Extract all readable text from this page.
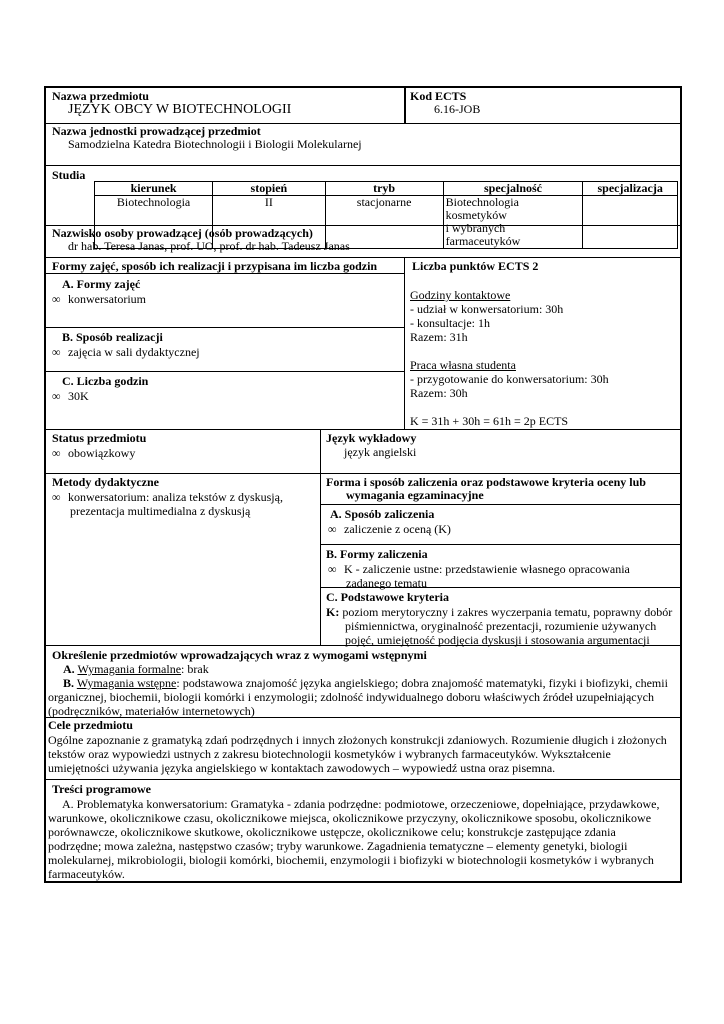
Nazwa przedmiotu
JĘZYK OBCY W BIOTECHNOLOGII
Kod ECTS
6.16-JOB
Nazwa jednostki prowadzącej przedmiot
Samodzielna Katedra Biotechnologii i Biologii Molekularnej
Studia
kierunek	stopień	tryb	specjalność	specjalizacja
Biotechnologia	II	stacjonarne	Biotechnologia kosmetyków
i wybranych farmaceutyków	

Nazwisko osoby prowadzącej (osób prowadzących)
dr hab. Teresa Janas, prof. UO, prof. dr hab. Tadeusz Janas
Formy zajęć, sposób ich realizacji i przypisana im liczba godzin
A. Formy zajęć
∞ konwersatorium
B. Sposób realizacji
∞ zajęcia w sali dydaktycznej
C. Liczba godzin
∞ 30K
Liczba punktów ECTS 2
Godziny kontaktowe
- udział w konwersatorium: 30h
- konsultacje: 1h
Razem: 31h
Praca własna studenta
- przygotowanie do konwersatorium: 30h
Razem: 30h
K = 31h + 30h = 61h = 2p ECTS
Status przedmiotu
∞ obowiązkowy
Język wykładowy
język angielski
Metody dydaktyczne
∞ konwersatorium: analiza tekstów z dyskusją,
prezentacja multimedialna z dyskusją
Forma i sposób zaliczenia oraz podstawowe kryteria oceny lub
wymagania egzaminacyjne
A. Sposób zaliczenia
∞ zaliczenie z oceną (K)
B. Formy zaliczenia
∞ K - zaliczenie ustne: przedstawienie własnego opracowania
zadanego tematu
C. Podstawowe kryteria
K: poziom merytoryczny i zakres wyczerpania tematu, poprawny dobór
piśmiennictwa, oryginalność prezentacji, rozumienie używanych
pojęć, umiejętność podjęcia dyskusji i stosowania argumentacji
Określenie przedmiotów wprowadzających wraz z wymogami wstępnymi
A. Wymagania formalne: brak
B. Wymagania wstępne: podstawowa znajomość języka angielskiego; dobra znajomość matematyki, fizyki i biofizyki, chemii
organicznej, biochemii, biologii komórki i enzymologii; zdolność indywidualnego doboru właściwych źródeł uzupełniających
(podręczników, materiałów internetowych)
Cele przedmiotu
Ogólne zapoznanie z gramatyką zdań podrzędnych i innych złożonych konstrukcji zdaniowych. Rozumienie długich i złożonych
tekstów oraz wypowiedzi ustnych z zakresu biotechnologii kosmetyków i wybranych farmaceutyków. Wykształcenie
umiejętności używania języka angielskiego w kontaktach zawodowych – wypowiedź ustna oraz pisemna.
Treści programowe
A. Problematyka konwersatorium: Gramatyka - zdania podrzędne: podmiotowe, orzeczeniowe, dopełniające, przydawkowe,
warunkowe, okolicznikowe czasu, okolicznikowe miejsca, okolicznikowe przyczyny, okolicznikowe sposobu, okolicznikowe
porównawcze, okolicznikowe skutkowe, okolicznikowe ustępcze, okolicznikowe celu; konstrukcje zastępujące zdania
podrzędne; mowa zależna, następstwo czasów; tryby warunkowe. Zagadnienia tematyczne – elementy genetyki, biologii
molekularnej, mikrobiologii, biologii komórki, biochemii, enzymologii i biofizyki w biotechnologii kosmetyków i wybranych
farmaceutyków.
